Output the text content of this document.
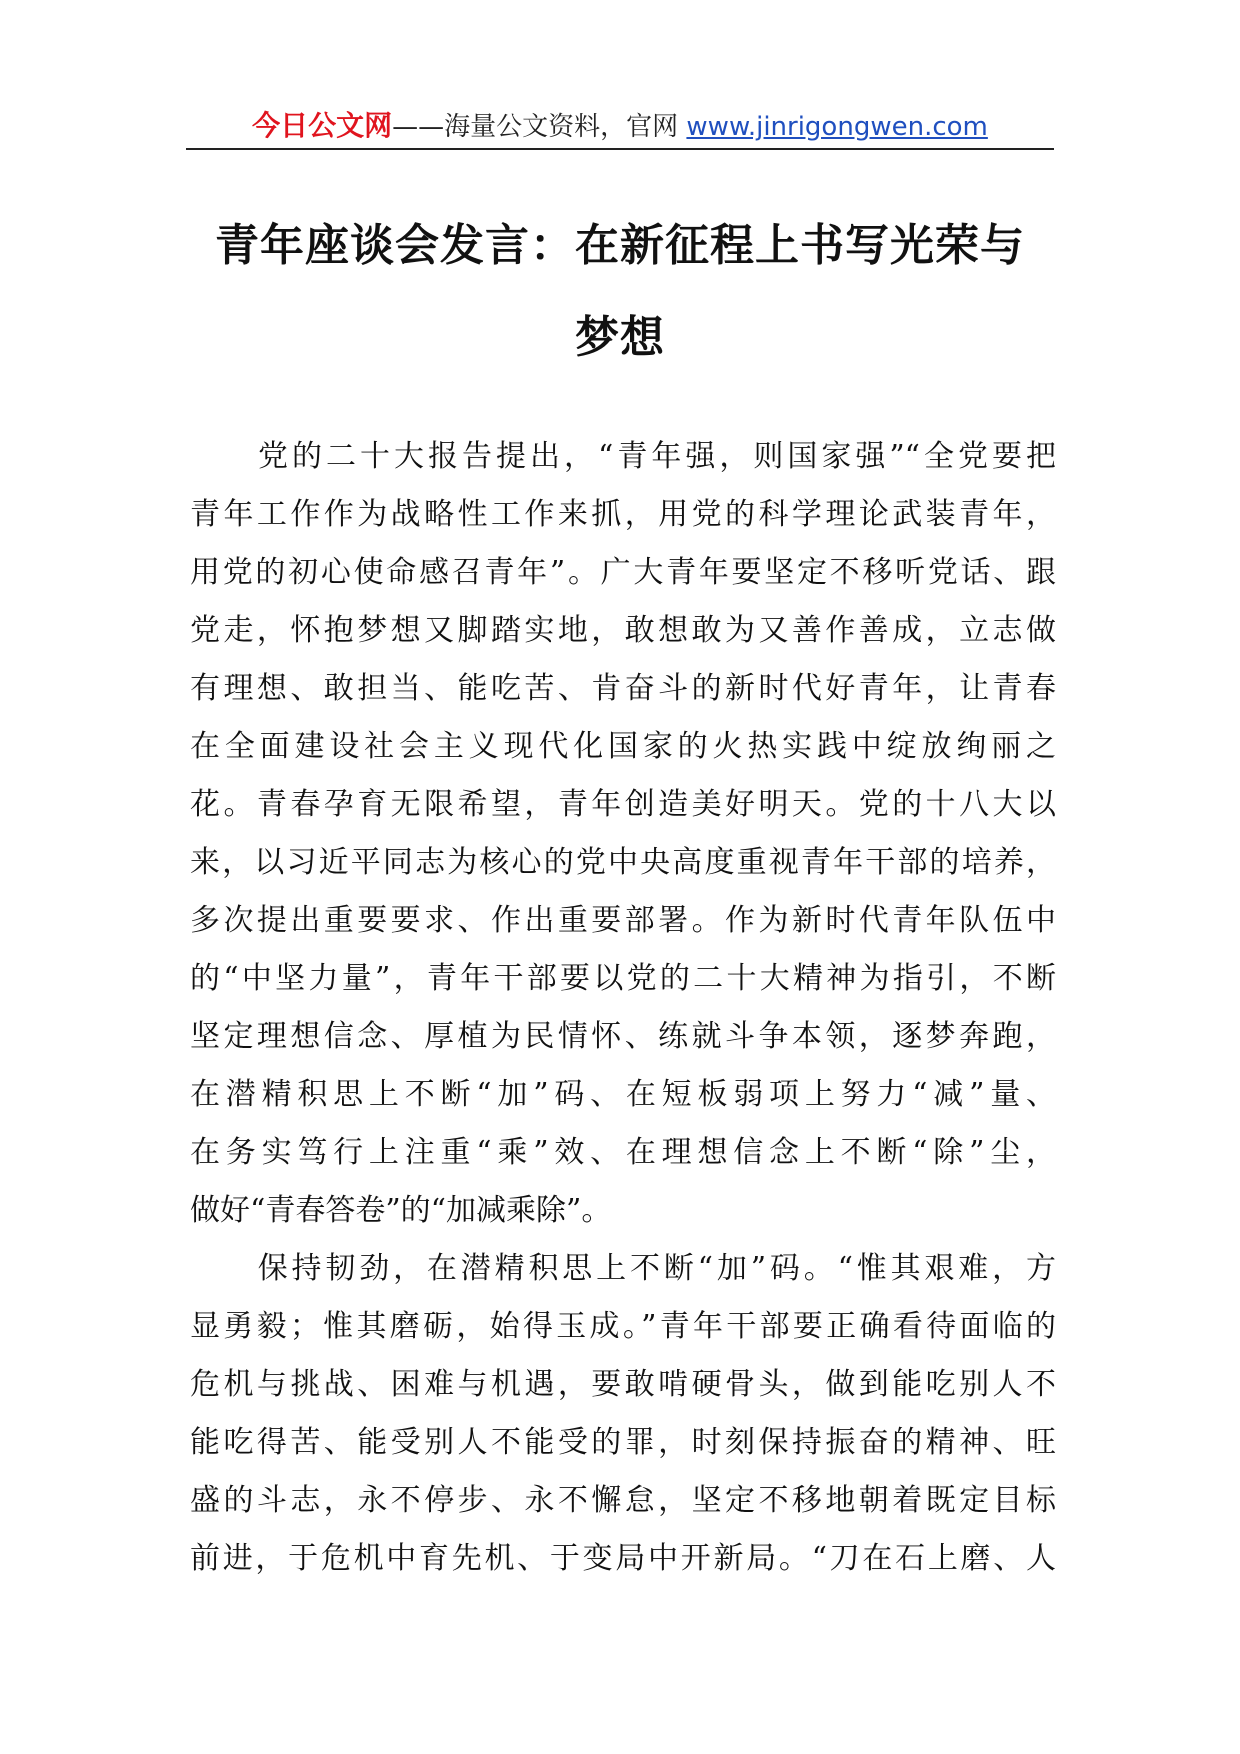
今日公文网——海量公文资料，官网 www.jinrigongwen.com
青年座谈会发言：在新征程上书写光荣与
梦想
　　党的二十大报告提出，“青年强，则国家强”“全党要把
青年工作作为战略性工作来抓，用党的科学理论武装青年，
用党的初心使命感召青年”。广大青年要坚定不移听党话、跟
党走，怀抱梦想又脚踏实地，敢想敢为又善作善成，立志做
有理想、敢担当、能吃苦、肯奋斗的新时代好青年，让青春
在全面建设社会主义现代化国家的火热实践中绽放绚丽之
花。青春孕育无限希望，青年创造美好明天。党的十八大以
来，以习近平同志为核心的党中央高度重视青年干部的培养，
多次提出重要要求、作出重要部署。作为新时代青年队伍中
的“中坚力量”，青年干部要以党的二十大精神为指引，不断
坚定理想信念、厚植为民情怀、练就斗争本领，逐梦奔跑，
在潜精积思上不断“加”码、在短板弱项上努力“减”量、
在务实笃行上注重“乘”效、在理想信念上不断“除”尘，
做好“青春答卷”的“加减乘除”。
　　保持韧劲，在潜精积思上不断“加”码。“惟其艰难，方
显勇毅；惟其磨砺，始得玉成。”青年干部要正确看待面临的
危机与挑战、困难与机遇，要敢啃硬骨头，做到能吃别人不
能吃得苦、能受别人不能受的罪，时刻保持振奋的精神、旺
盛的斗志，永不停步、永不懈怠，坚定不移地朝着既定目标
前进，于危机中育先机、于变局中开新局。“刀在石上磨、人
